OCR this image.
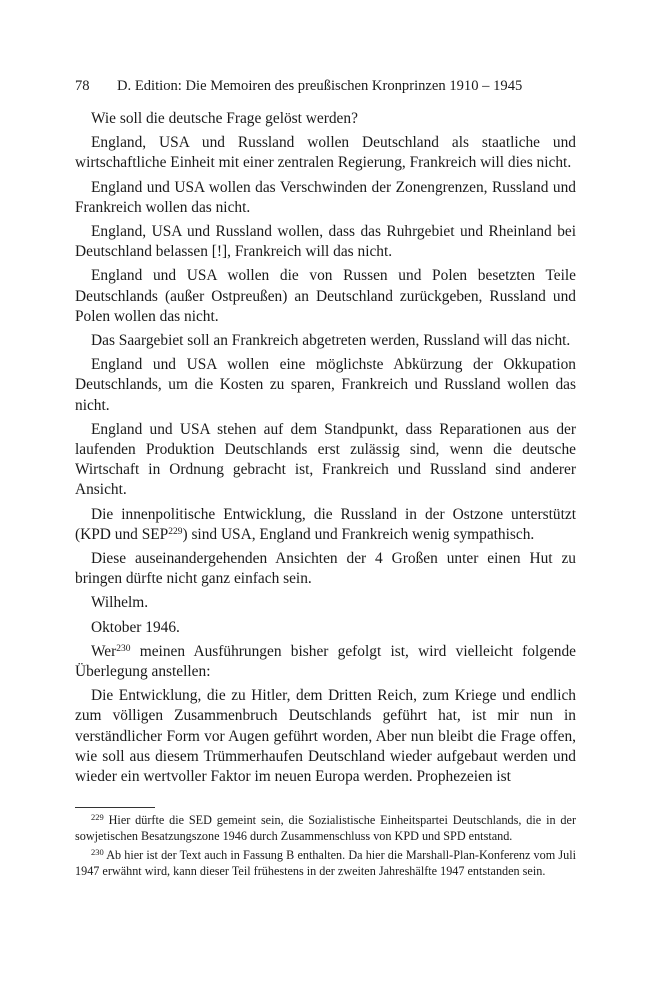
78 D. Edition: Die Memoiren des preußischen Kronprinzen 1910 – 1945

Wie soll die deutsche Frage gelöst werden?

England, USA und Russland wollen Deutschland als staatliche und wirtschaftliche Einheit mit einer zentralen Regierung, Frankreich will dies nicht.

England und USA wollen das Verschwinden der Zonengrenzen, Russland und Frankreich wollen das nicht.

England, USA und Russland wollen, dass das Ruhrgebiet und Rheinland bei Deutschland belassen [!], Frankreich will das nicht.

England und USA wollen die von Russen und Polen besetzten Teile Deutschlands (außer Ostpreußen) an Deutschland zurückgeben, Russland und Polen wollen das nicht.

Das Saargebiet soll an Frankreich abgetreten werden, Russland will das nicht.

England und USA wollen eine möglichste Abkürzung der Okkupation Deutschlands, um die Kosten zu sparen, Frankreich und Russland wollen das nicht.

England und USA stehen auf dem Standpunkt, dass Reparationen aus der laufenden Produktion Deutschlands erst zulässig sind, wenn die deutsche Wirtschaft in Ordnung gebracht ist, Frankreich und Russland sind anderer Ansicht.

Die innenpolitische Entwicklung, die Russland in der Ostzone unterstützt (KPD und SEP$^{229}$) sind USA, England und Frankreich wenig sympathisch.

Diese auseinandergehenden Ansichten der 4 Großen unter einen Hut zu bringen dürfte nicht ganz einfach sein.

Wilhelm.

Oktober 1946.

Wer$^{230}$ meinen Ausführungen bisher gefolgt ist, wird vielleicht folgende Überlegung anstellen:

Die Entwicklung, die zu Hitler, dem Dritten Reich, zum Kriege und endlich zum völligen Zusammenbruch Deutschlands geführt hat, ist mir nun in verständlicher Form vor Augen geführt worden, Aber nun bleibt die Frage offen, wie soll aus diesem Trümmerhaufen Deutschland wieder aufgebaut werden und wieder ein wertvoller Faktor im neuen Europa werden. Prophezeien ist

$^{229}$ Hier dürfte die SED gemeint sein, die Sozialistische Einheitspartei Deutschlands, die in der sowjetischen Besatzungszone 1946 durch Zusammenschluss von KPD und SPD entstand.

$^{230}$ Ab hier ist der Text auch in Fassung B enthalten. Da hier die Marshall-Plan-Konferenz vom Juli 1947 erwähnt wird, kann dieser Teil frühestens in der zweiten Jahreshälfte 1947 entstanden sein.
